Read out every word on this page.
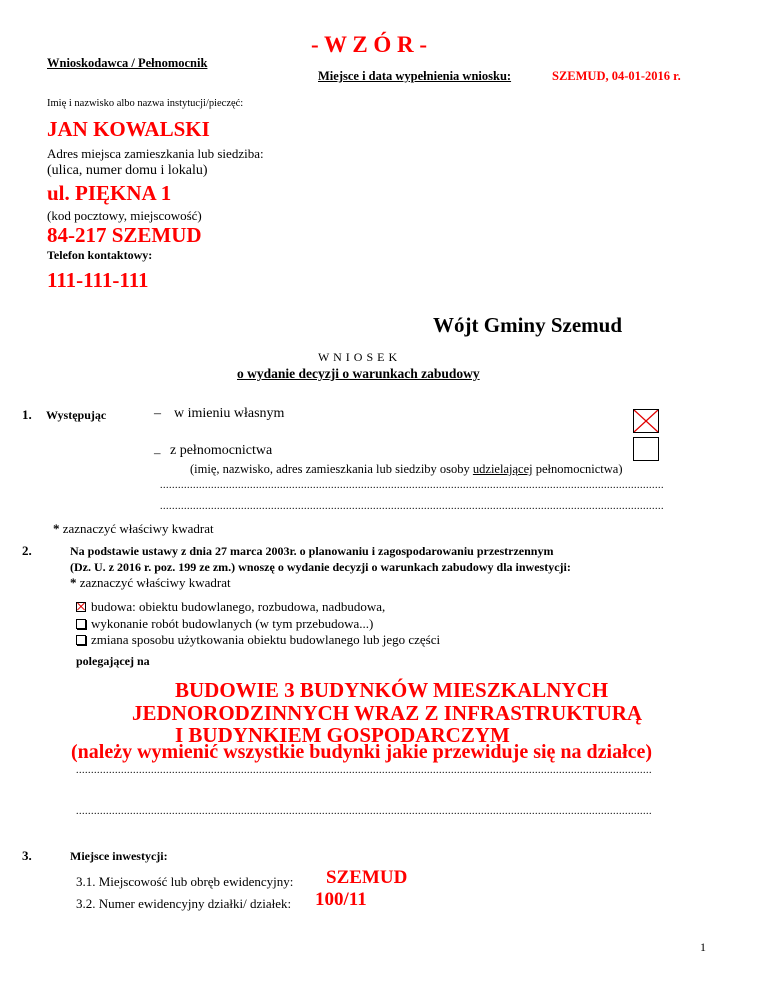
- W Z Ó R -
Wnioskodawca / Pełnomocnik
Miejsce i data wypełnienia wniosku:	SZEMUD, 04-01-2016 r.
Imię i nazwisko albo nazwa instytucji/pieczęć:
JAN KOWALSKI
Adres miejsca zamieszkania lub siedziba:
(ulica, numer domu i lokalu)
ul. PIĘKNA 1
(kod pocztowy, miejscowość)
84-217 SZEMUD
Telefon kontaktowy:
111-111-111
Wójt Gminy Szemud
W N I O S E K
o wydanie decyzji o warunkach zabudowy
1. Występując	– w imieniu własnym
– z pełnomocnictwa
(imię, nazwisko, adres zamieszkania lub siedziby osoby udzielającej pełnomocnictwa)
........................................................................................................................................................................
........................................................................................................................................................................
* zaznaczyć właściwy kwadrat
2.	Na podstawie ustawy z dnia 27 marca 2003r. o planowaniu i zagospodarowaniu przestrzennym
(Dz. U. z 2016 r. poz. 199 ze zm.) wnoszę o wydanie decyzji o warunkach zabudowy dla inwestycji:
* zaznaczyć właściwy kwadrat
budowa: obiektu budowlanego, rozbudowa, nadbudowa,
wykonanie robót budowlanych (w tym przebudowa...)
zmiana sposobu użytkowania obiektu budowlanego lub jego części
polegającej na
BUDOWIE 3 BUDYNKÓW MIESZKALNYCH
JEDNORODZINNYCH WRAZ Z INFRASTRUKTURĄ
I BUDYNKIEM GOSPODARCZYM
(należy wymienić wszystkie budynki jakie przewiduje się na działce)
................................................................................................................................................................................................
................................................................................................................................................................................................
3.	Miejsce inwestycji:
3.1. Miejscowość lub obręb ewidencyjny: SZEMUD
3.2. Numer ewidencyjny działki/ działek: 100/11
1
